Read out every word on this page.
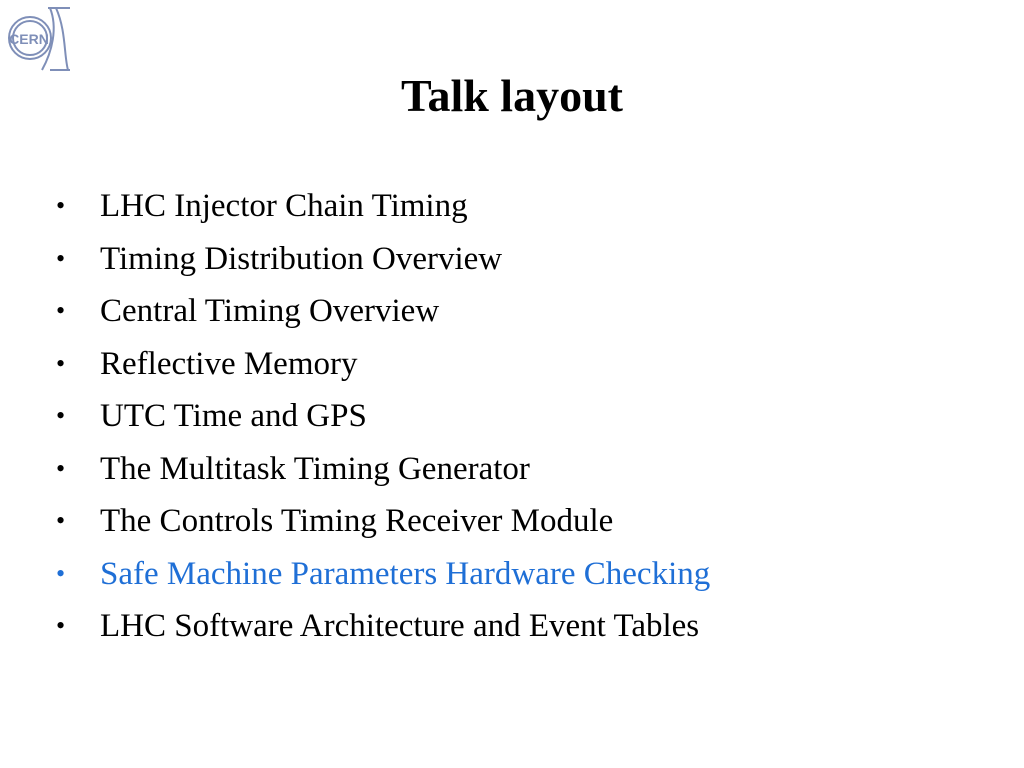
CERN
Talk layout
•	LHC Injector Chain Timing
•	Timing Distribution Overview
•	Central Timing Overview
•	Reflective Memory
•	UTC Time and GPS
•	The Multitask Timing Generator
•	The Controls Timing Receiver Module
•	Safe Machine Parameters Hardware Checking
•	LHC Software Architecture and Event Tables
